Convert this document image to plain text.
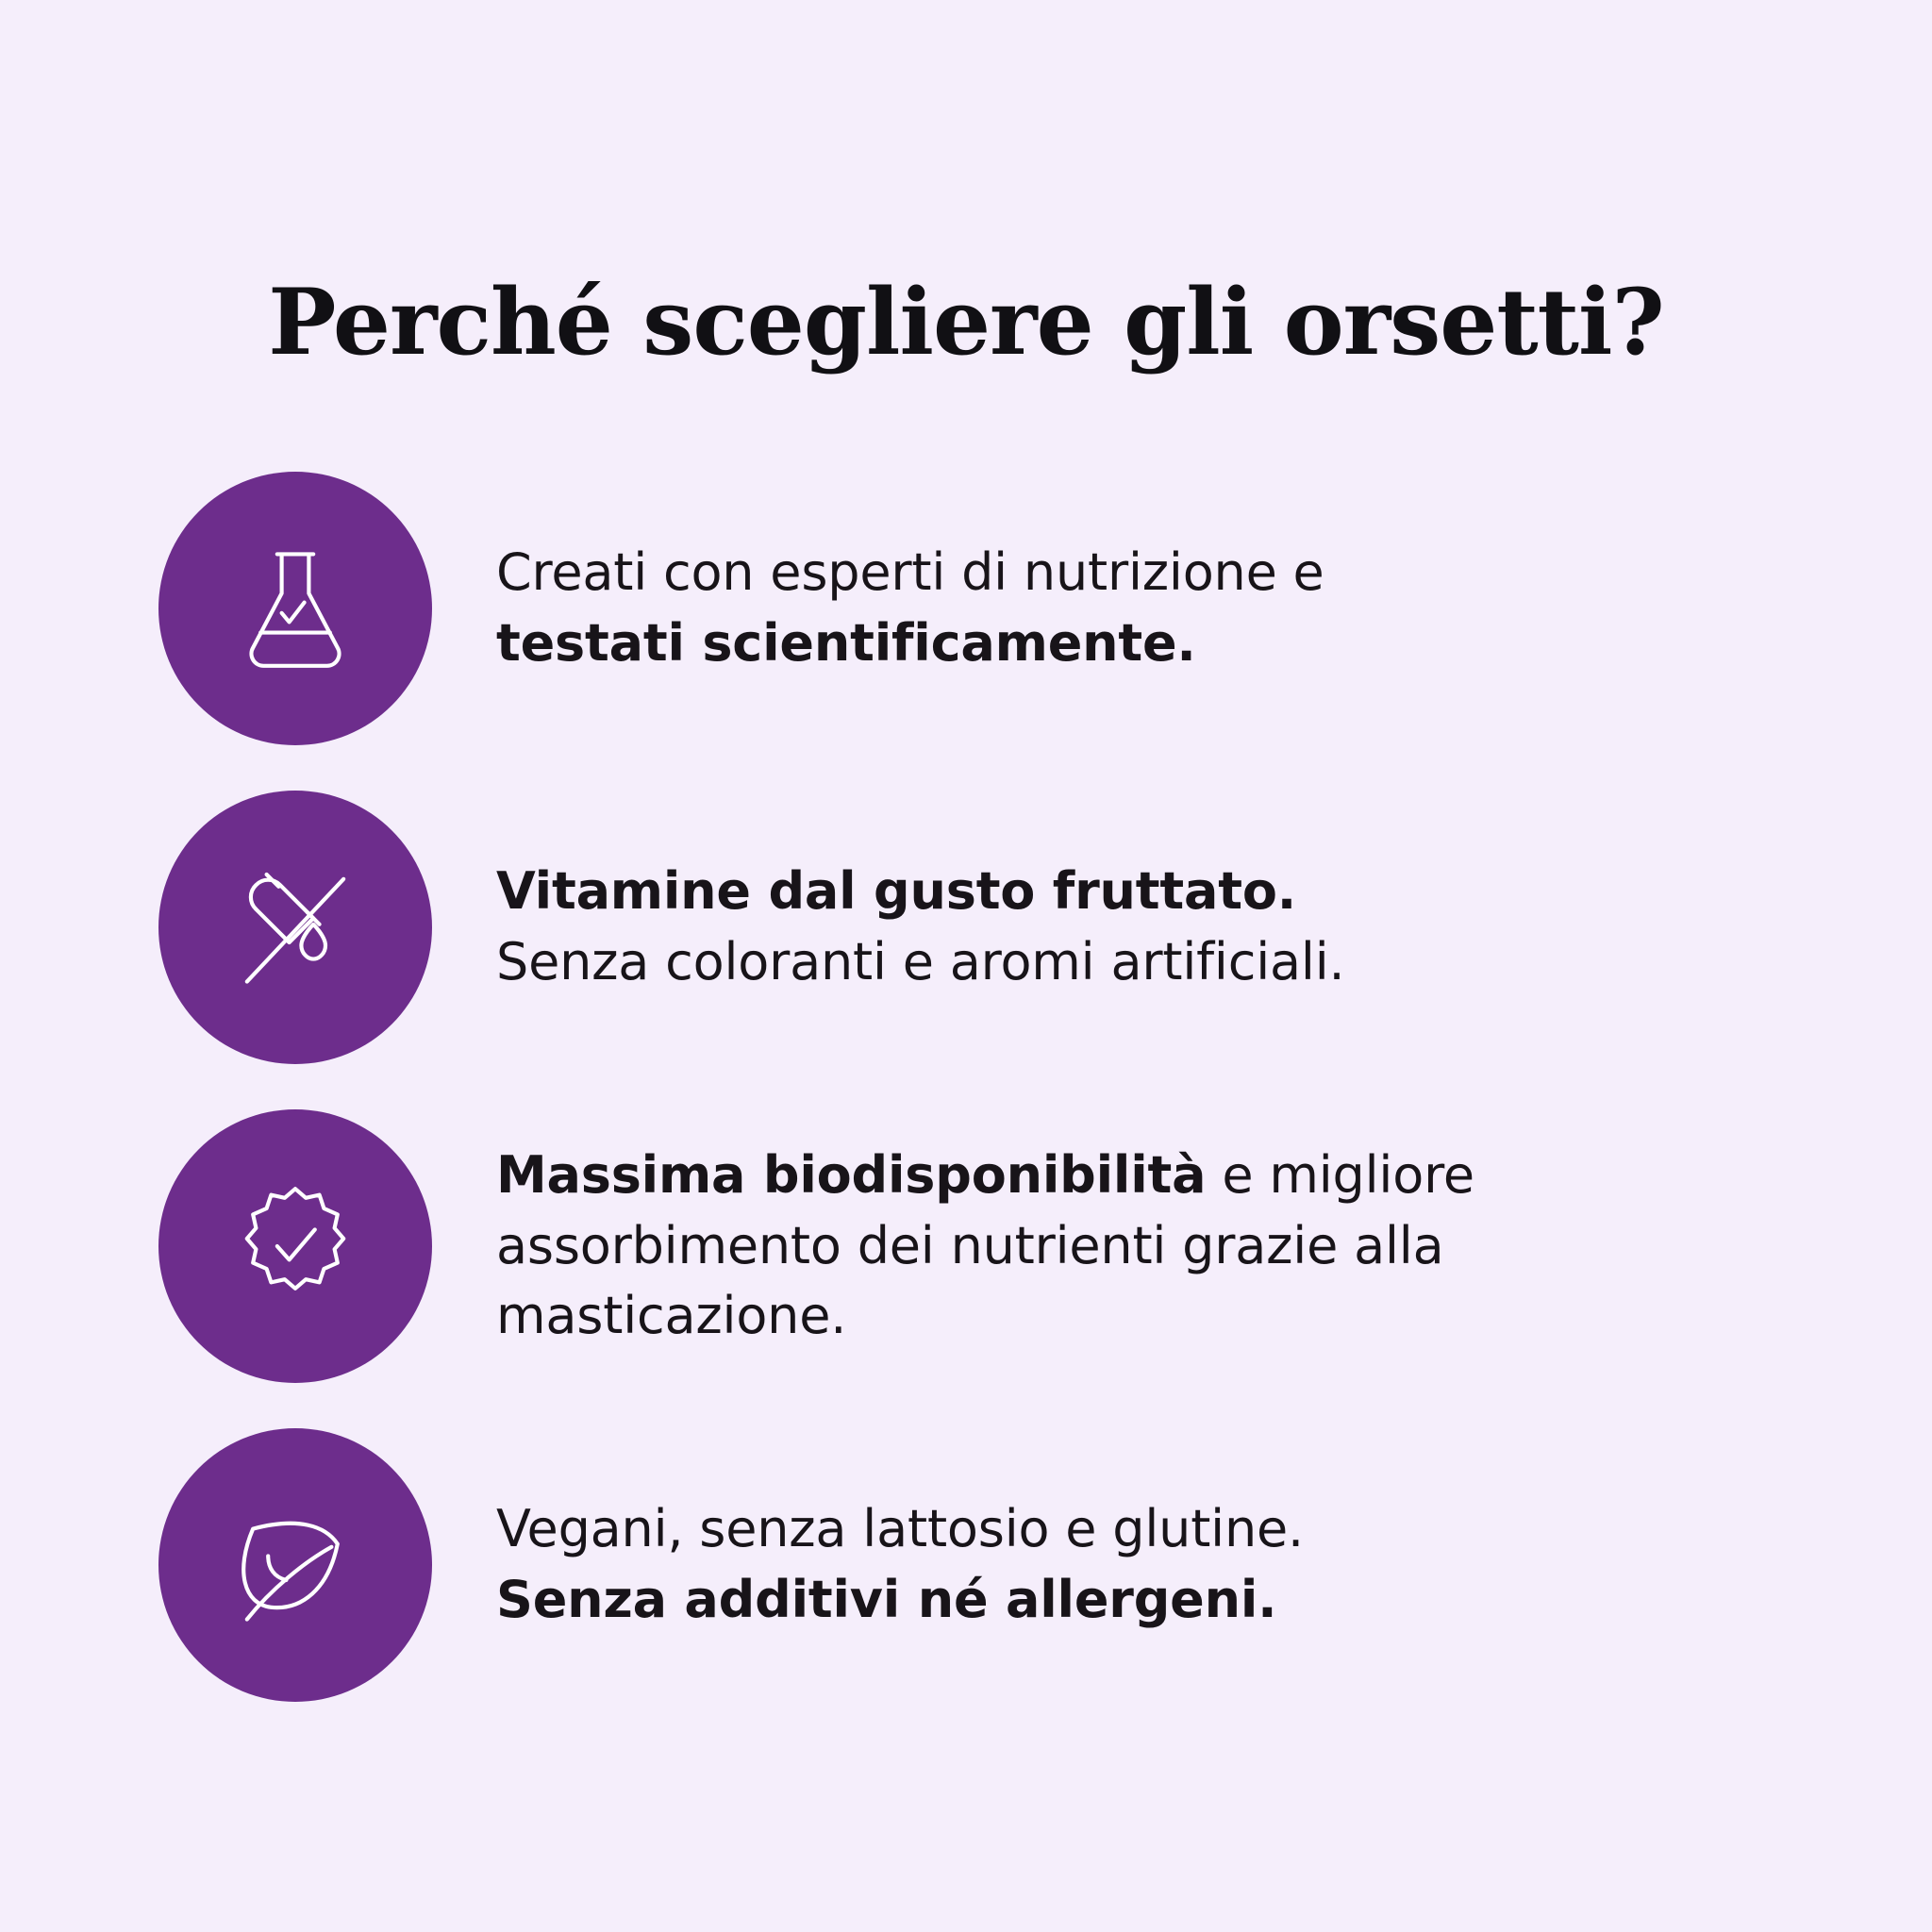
Perché scegliere gli orsetti?
Creati con esperti di nutrizione e
testati scientificamente.
Vitamine dal gusto fruttato.
Senza coloranti e aromi artificiali.
Massima biodisponibilità e migliore
assorbimento dei nutrienti grazie alla
masticazione.
Vegani, senza lattosio e glutine.
Senza additivi né allergeni.
